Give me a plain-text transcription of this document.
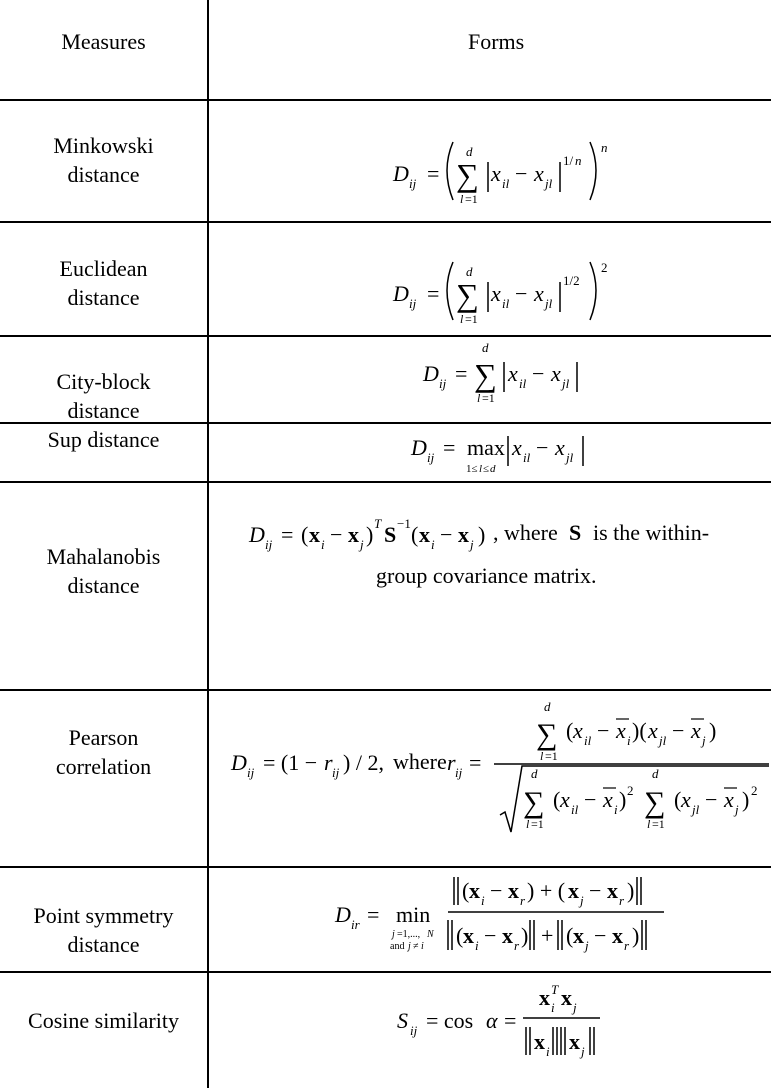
Measures	Forms
Minkowski
distance
Euclidean
distance
City-block
distance
Sup distance
Mahalanobis
distance
Pearson
correlation
Point symmetry
distance
Cosine similarity
D ij =
d
∑
l =1
x il − x jl
1/ n
n
D ij =
d
∑
l =1
x il − x jl
1/2
2
D ij =
d
∑
l =1
x il − x jl
D ij = max
1≤ l ≤ d
x il − x jl
D ij = ( x i − x j ) T S −1 ( x i − x j )
D ij = (1 − r ij ) / 2,	r ij =
d
∑
l =1
( x il − x i )( x jl − x j )
d
∑
l =1
( x il − x i ) 2
d
∑
l =1
( x jl − x j ) 2
D ir = min
j =1,..., N
and j ≠ i
( x i − x r ) + ( x j − x r )
( x i − x r ) + ( x j − x r )
S ij = cos α =
x i
T x j
x i x j
, where S is the within-
group covariance matrix.
where
